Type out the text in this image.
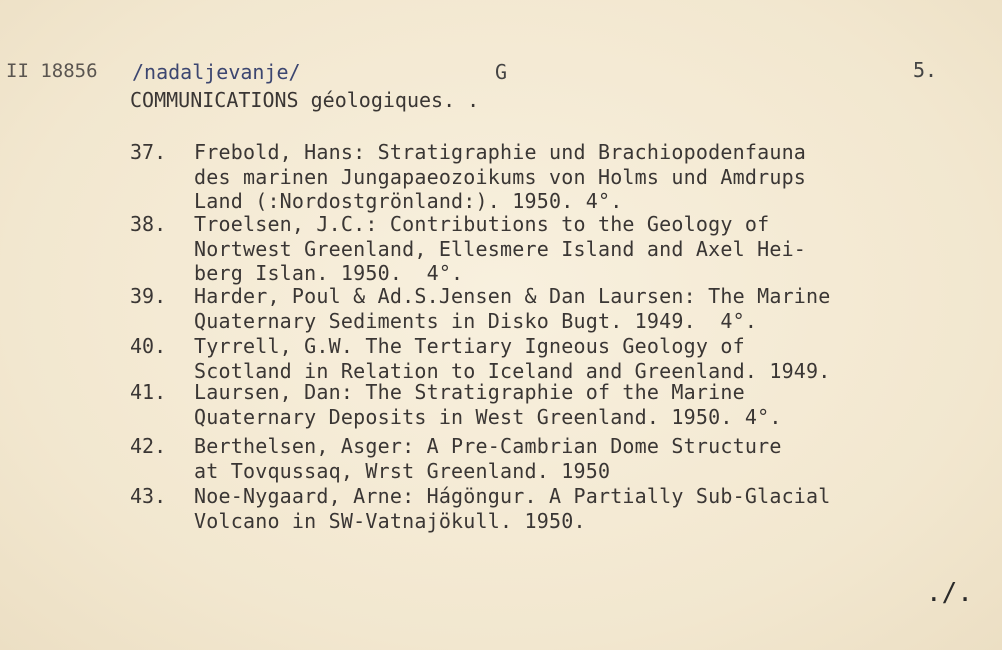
II 18856 /nadaljevanje/	G	5.
COMMUNICATIONS géologiques. .
37.	Frebold, Hans: Stratigraphie und Brachiopodenfauna
des marinen Jungapaeozoikums von Holms und Amdrups
Land (:Nordostgrönland:). 1950. 4°.
38.	Troelsen, J.C.: Contributions to the Geology of
Nortwest Greenland, Ellesmere Island and Axel Hei-
berg Islan. 1950.  4°.
39.	Harder, Poul & Ad.S.Jensen & Dan Laursen: The Marine
Quaternary Sediments in Disko Bugt. 1949.  4°.
40.	Tyrrell, G.W. The Tertiary Igneous Geology of
Scotland in Relation to Iceland and Greenland. 1949.
41.	Laursen, Dan: The Stratigraphie of the Marine
Quaternary Deposits in West Greenland. 1950. 4°.
42.	Berthelsen, Asger: A Pre-Cambrian Dome Structure
at Tovqussaq, Wrst Greenland. 1950
43.	Noe-Nygaard, Arne: Hágöngur. A Partially Sub-Glacial
Volcano in SW-Vatnajökull. 1950.
./.
